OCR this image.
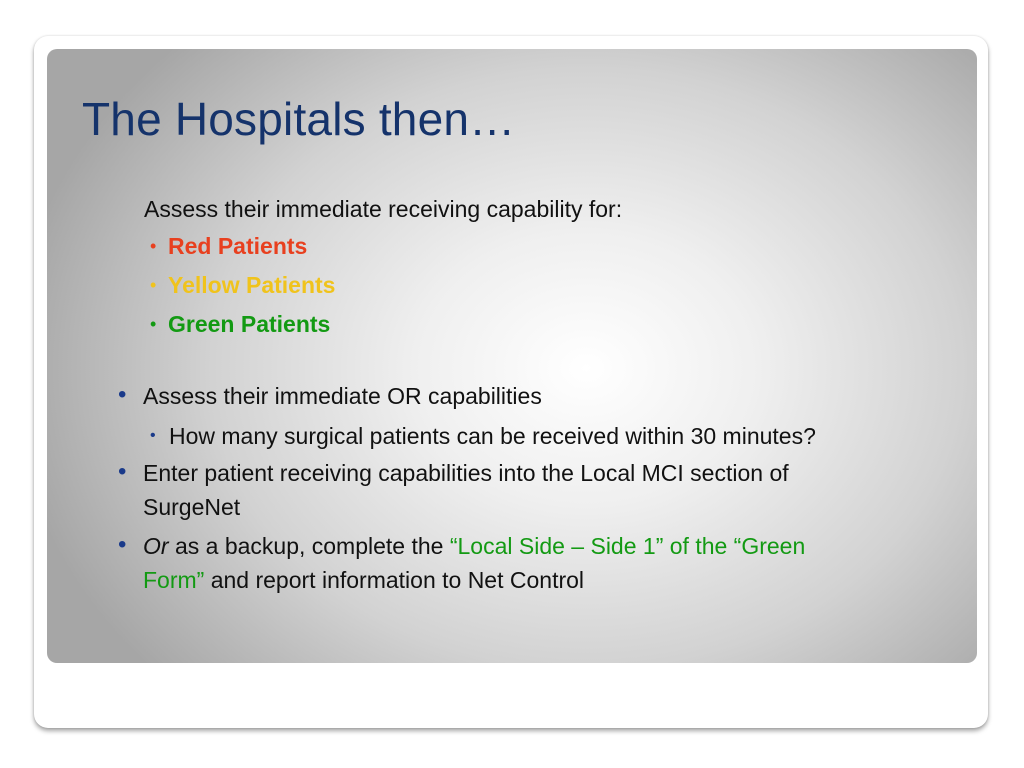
The Hospitals then…

Assess their immediate receiving capability for:

• Red Patients

• Yellow Patients

• Green Patients

• Assess their immediate OR capabilities

• How many surgical patients can be received within 30 minutes?

• Enter patient receiving capabilities into the Local MCI section of

SurgeNet

• Or as a backup, complete the “Local Side – Side 1” of the “Green

Form” and report information to Net Control
